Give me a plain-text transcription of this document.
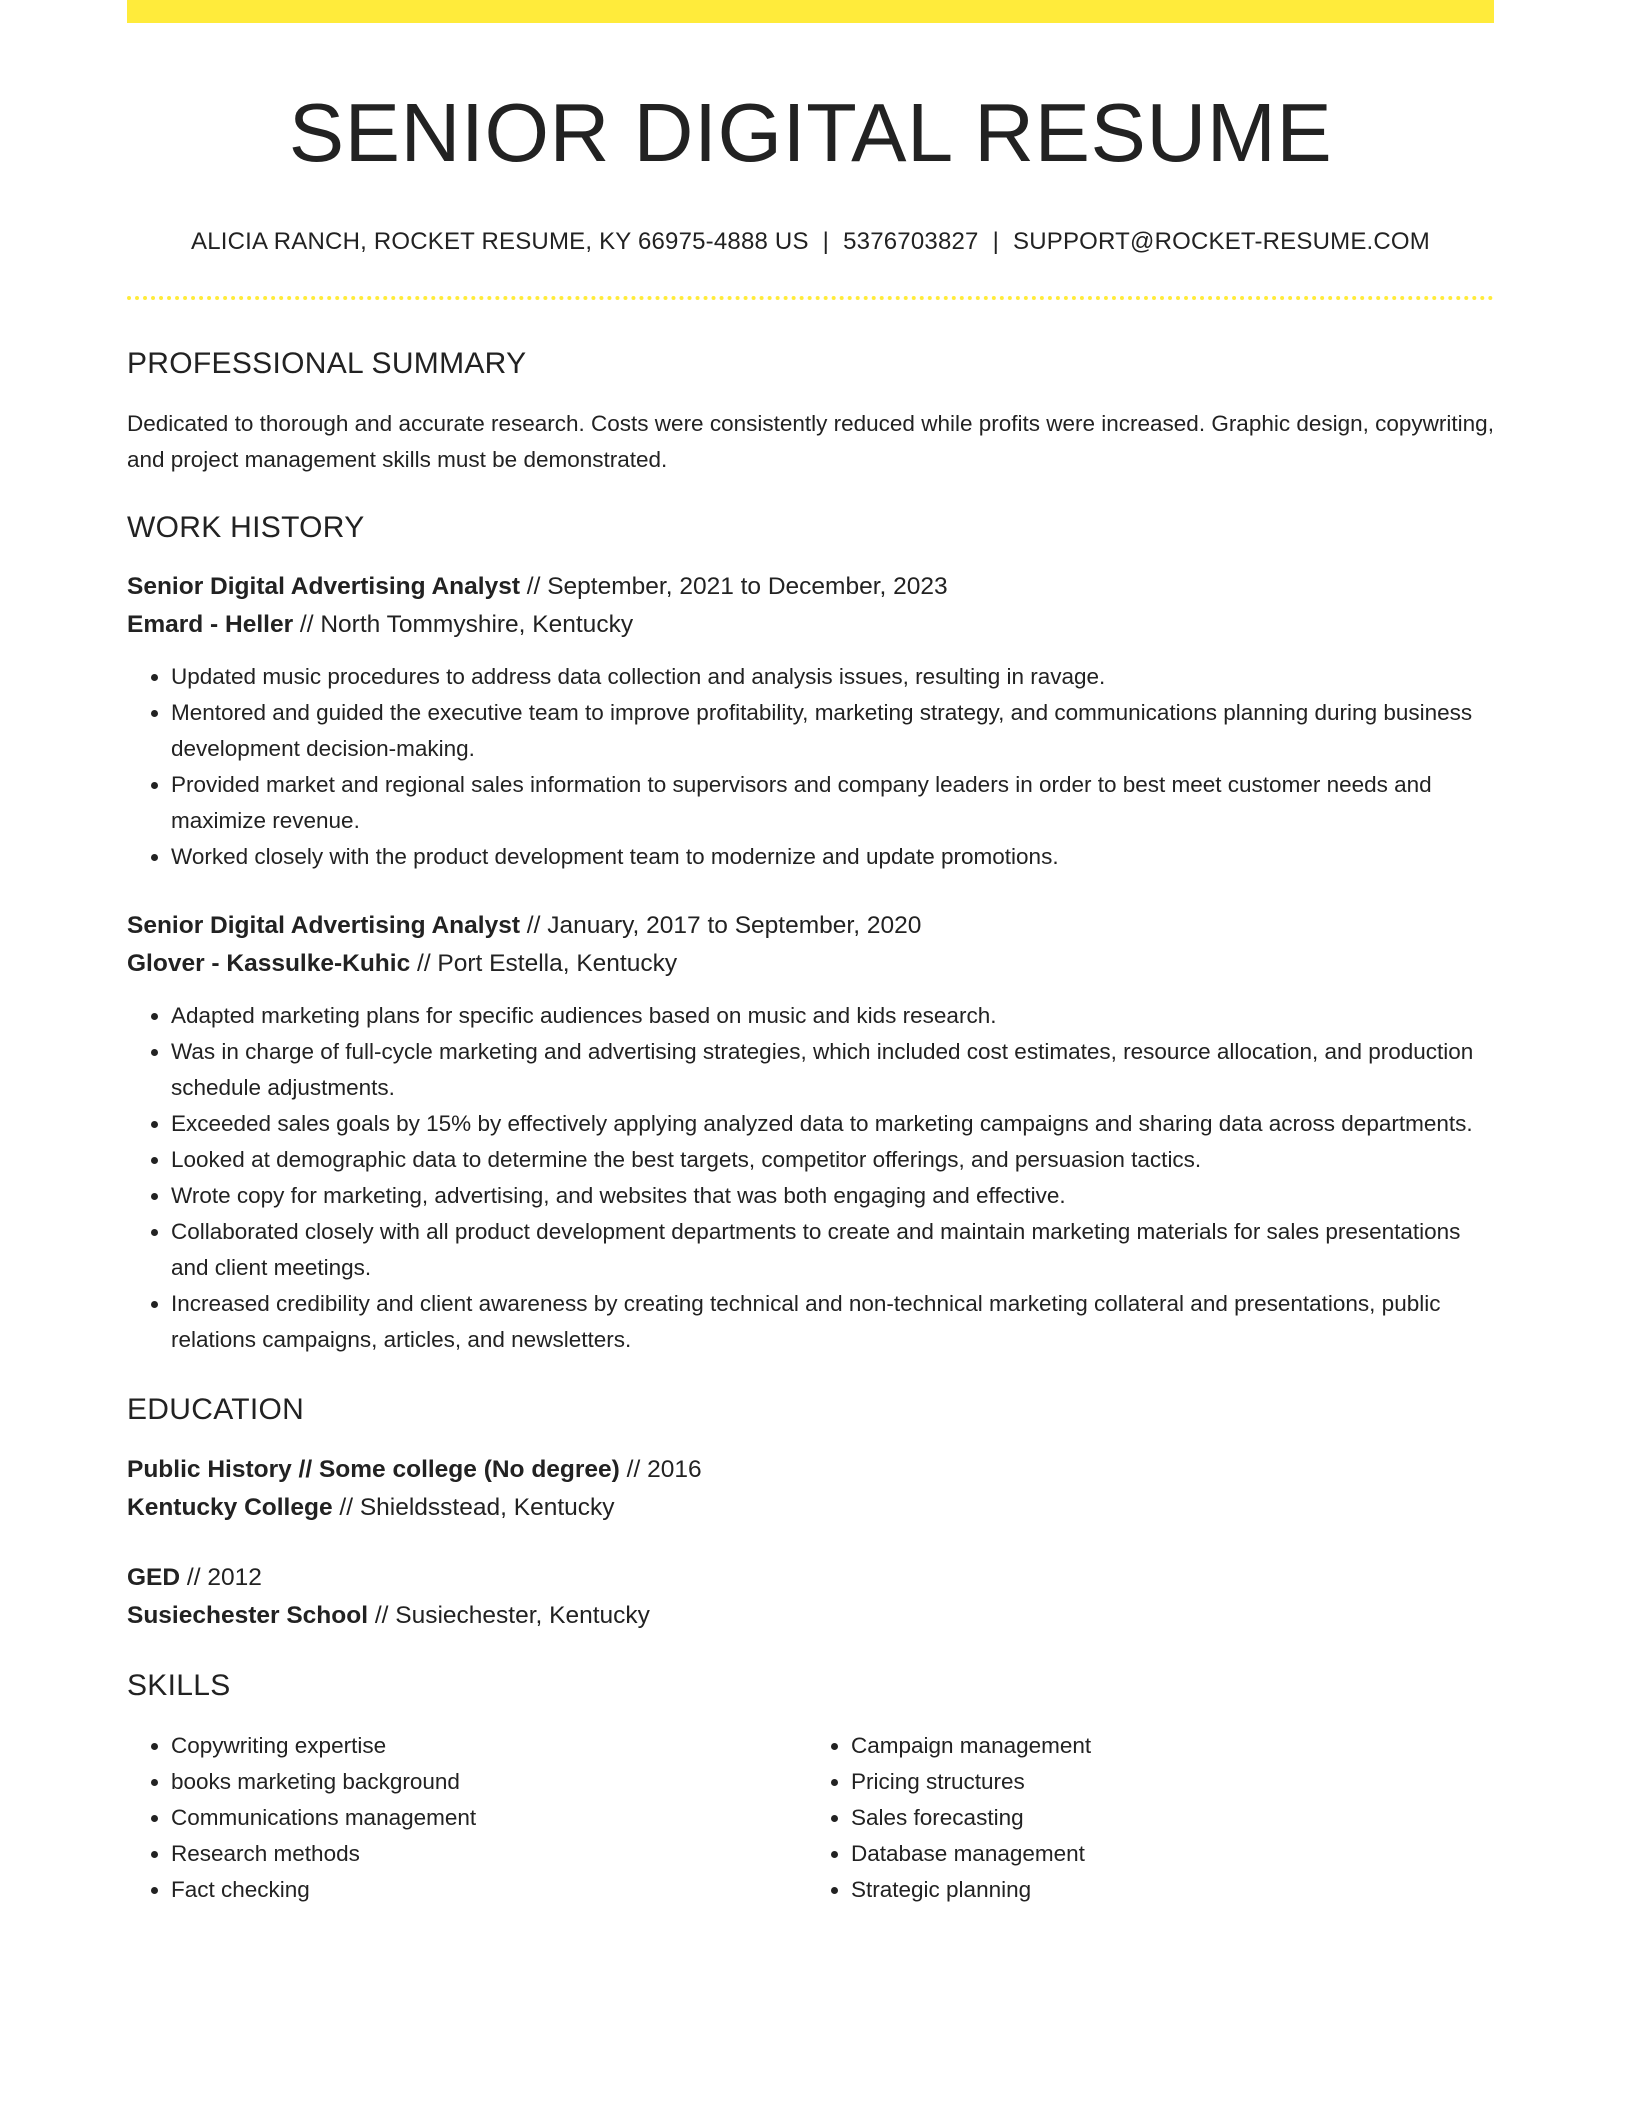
SENIOR DIGITAL RESUME
ALICIA RANCH, ROCKET RESUME, KY 66975-4888 US | 5376703827 | SUPPORT@ROCKET-RESUME.COM
PROFESSIONAL SUMMARY

Dedicated to thorough and accurate research. Costs were consistently reduced while profits were increased. Graphic design, copywriting, and project management skills must be demonstrated.

WORK HISTORY
Senior Digital Advertising Analyst // September, 2021 to December, 2023
Emard - Heller // North Tommyshire, Kentucky
• Updated music procedures to address data collection and analysis issues, resulting in ravage.
• Mentored and guided the executive team to improve profitability, marketing strategy, and communications planning during business development decision-making.
• Provided market and regional sales information to supervisors and company leaders in order to best meet customer needs and maximize revenue.
• Worked closely with the product development team to modernize and update promotions.
Senior Digital Advertising Analyst // January, 2017 to September, 2020
Glover - Kassulke-Kuhic // Port Estella, Kentucky
• Adapted marketing plans for specific audiences based on music and kids research.
• Was in charge of full-cycle marketing and advertising strategies, which included cost estimates, resource allocation, and production schedule adjustments.
• Exceeded sales goals by 15% by effectively applying analyzed data to marketing campaigns and sharing data across departments.
• Looked at demographic data to determine the best targets, competitor offerings, and persuasion tactics.
• Wrote copy for marketing, advertising, and websites that was both engaging and effective.
• Collaborated closely with all product development departments to create and maintain marketing materials for sales presentations and client meetings.
• Increased credibility and client awareness by creating technical and non-technical marketing collateral and presentations, public relations campaigns, articles, and newsletters.
EDUCATION
Public History // Some college (No degree) // 2016
Kentucky College // Shieldsstead, Kentucky
GED // 2012
Susiechester School // Susiechester, Kentucky
SKILLS
• Copywriting expertise
• books marketing background
• Communications management
• Research methods
• Fact checking
• Campaign management
• Pricing structures
• Sales forecasting
• Database management
• Strategic planning
